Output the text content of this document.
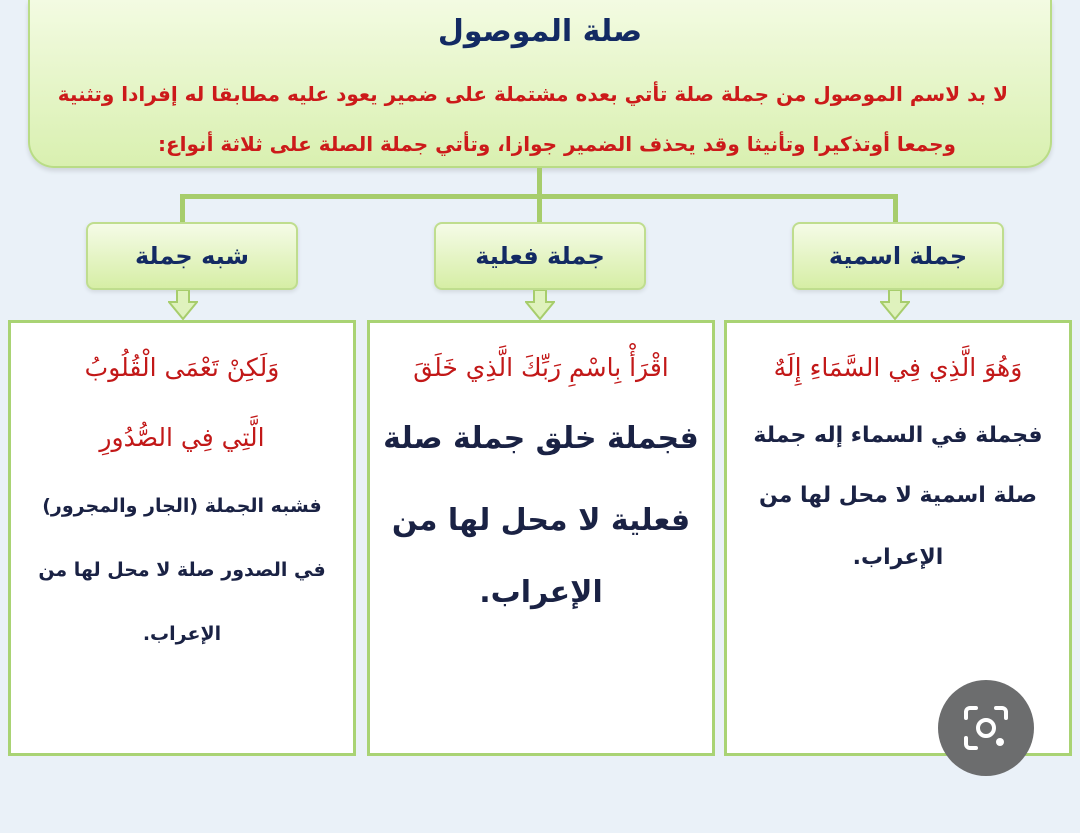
صلة الموصول
لا بد لاسم الموصول من جملة صلة تأتي بعده مشتملة على ضمير يعود عليه مطابقا له إفرادا وتثنية
وجمعا أوتذكيرا وتأنيثا وقد يحذف الضمير جوازا، وتأتي جملة الصلة على ثلاثة أنواع:
جملة اسمية
جملة فعلية
شبه جملة
وَهُوَ الَّذِي فِي السَّمَاءِ إِلَهٌ
فجملة في السماء إله جملة
صلة اسمية لا محل لها من
الإعراب.
اقْرَأْ بِاسْمِ رَبِّكَ الَّذِي خَلَقَ
فجملة خلق جملة صلة
فعلية لا محل لها من
الإعراب.
وَلَكِنْ تَعْمَى الْقُلُوبُ
الَّتِي فِي الصُّدُورِ
فشبه الجملة (الجار والمجرور)
في الصدور صلة لا محل لها من
الإعراب.
